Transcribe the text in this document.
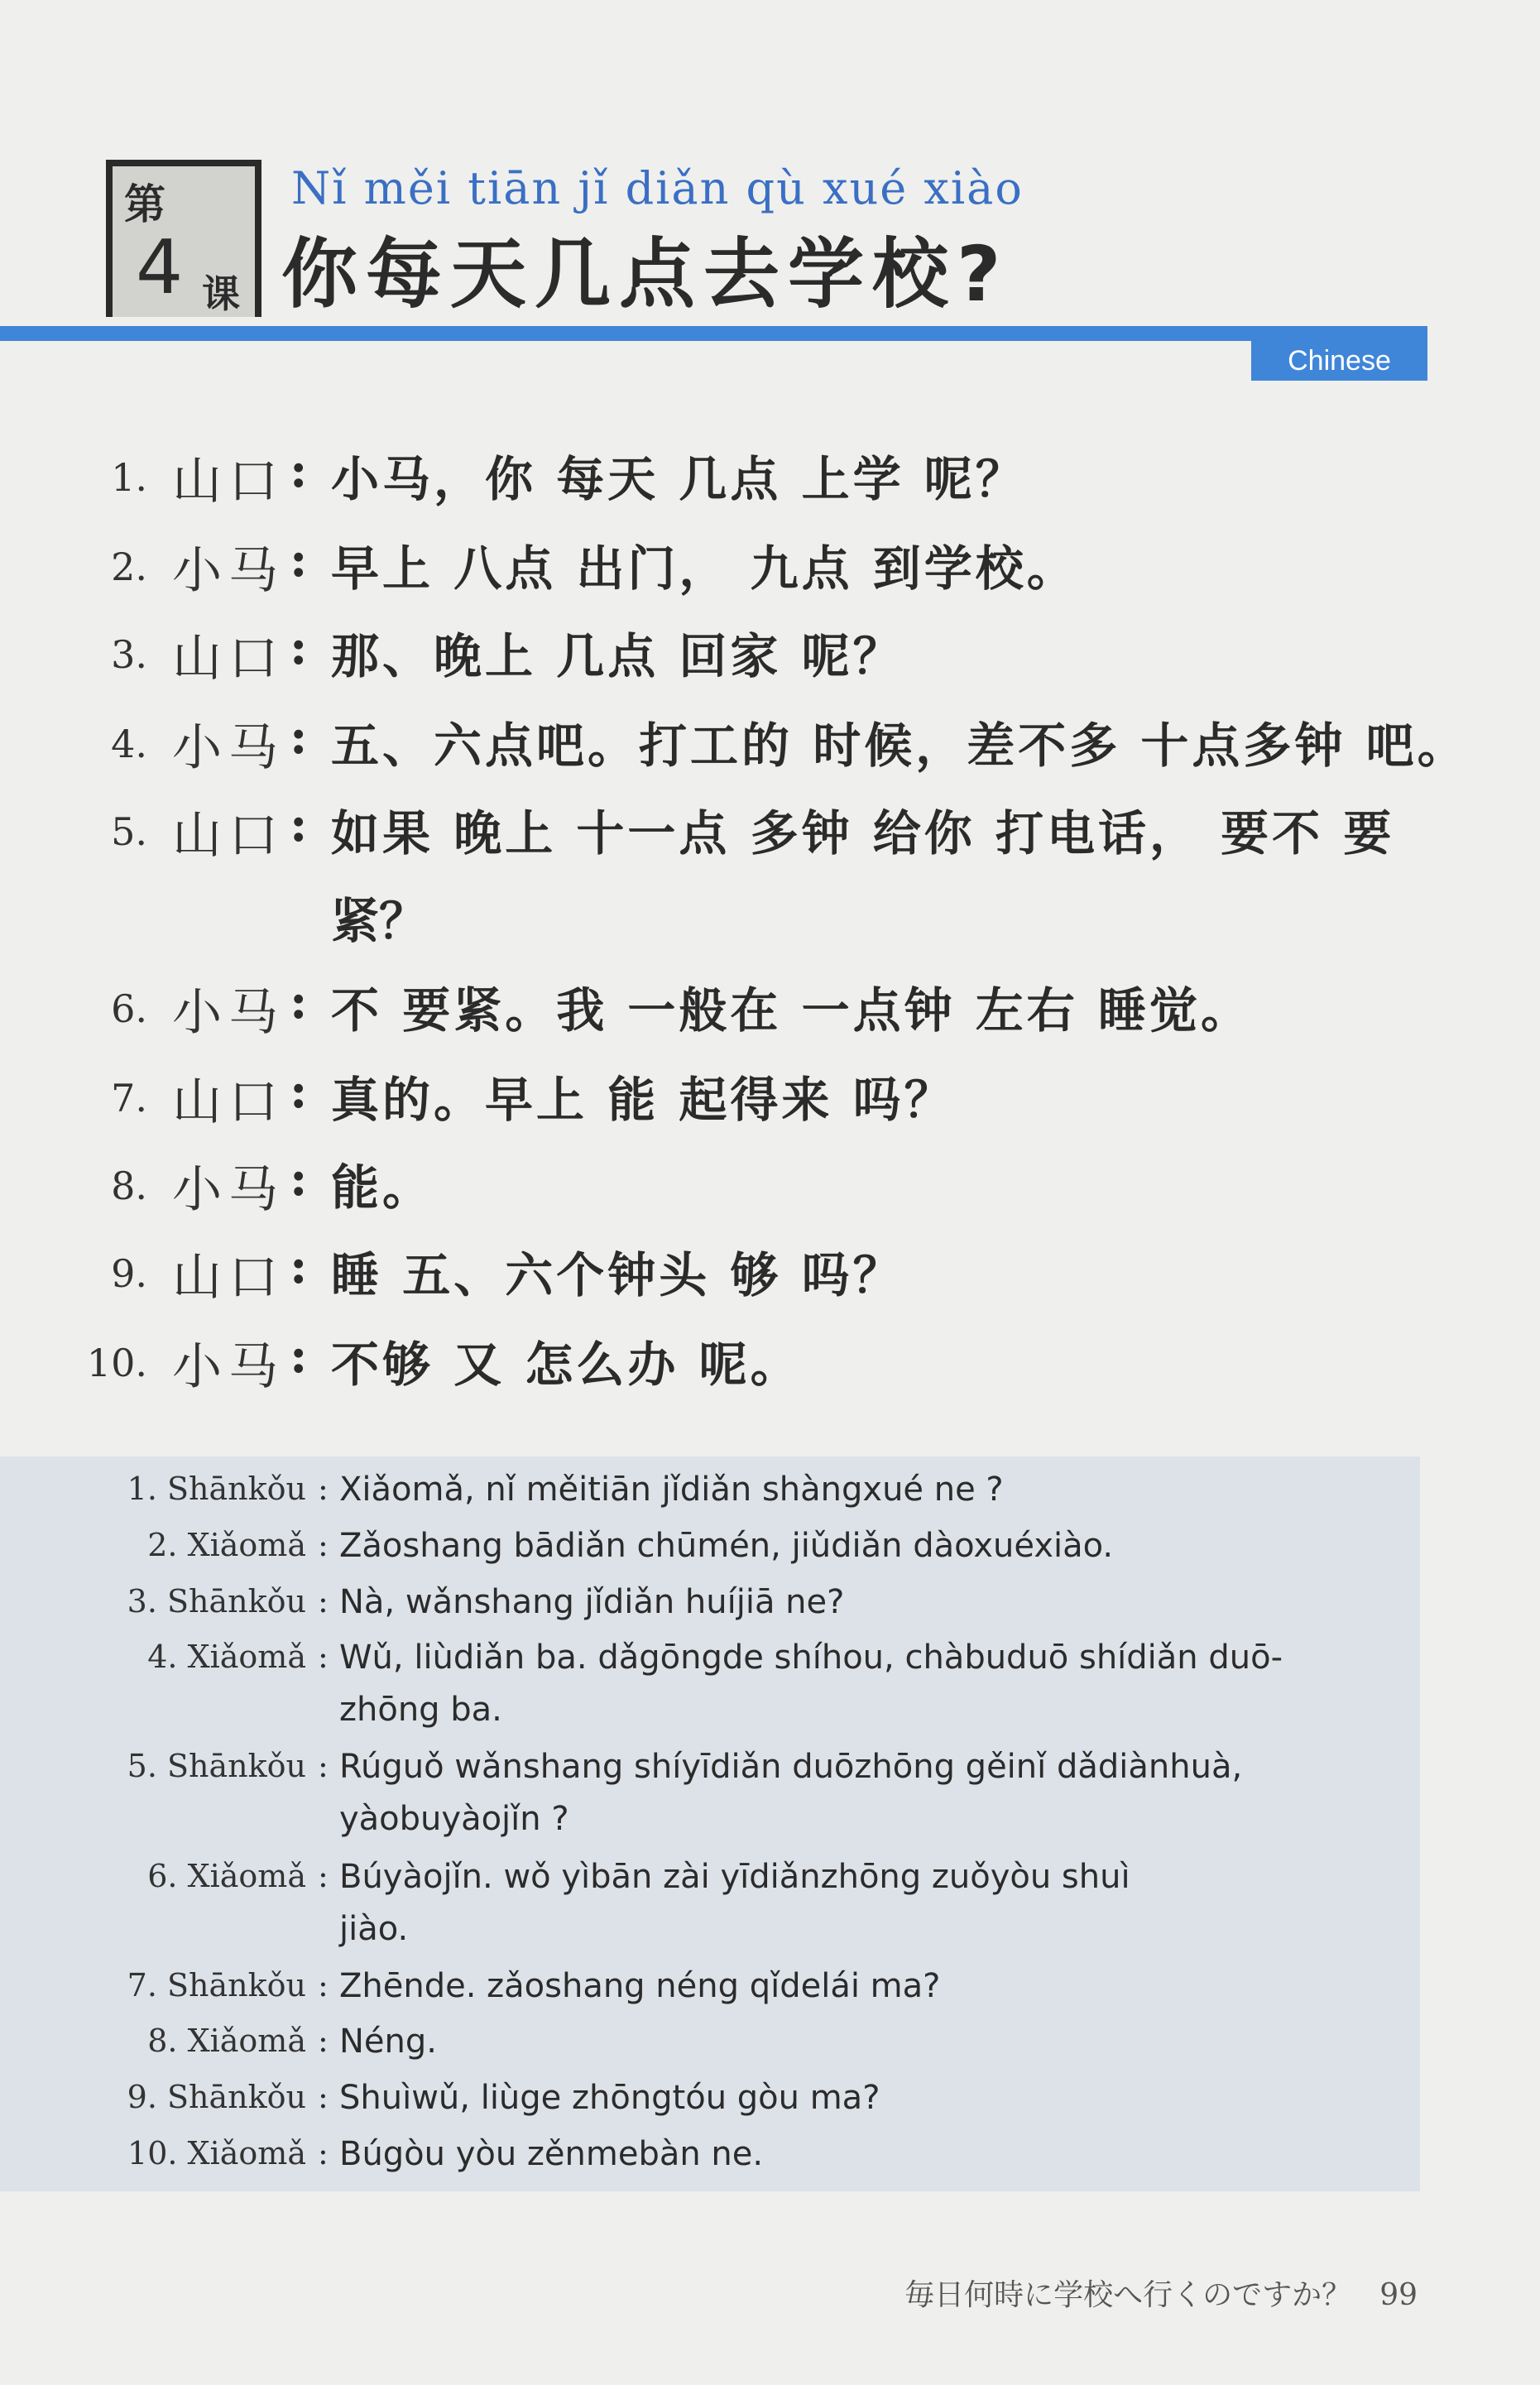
第
4 课
Nǐ měi tiān jǐ diǎn qù xué xiào
你每天几点去学校?
Chinese
1. 山口 : 小马，你 每天 几点 上学 呢？
2. 小马 : 早上 八点 出门， 九点 到学校。
3. 山口 : 那、晚上 几点 回家 呢？
4. 小马 : 五、六点吧。打工的 时候，差不多 十点多钟 吧。
5. 山口 : 如果 晚上 十一点 多钟 给你 打电话， 要不 要
紧？
6. 小马 : 不 要紧。我 一般在 一点钟 左右 睡觉。
7. 山口 : 真的。早上 能 起得来 吗？
8. 小马 : 能。
9. 山口 : 睡 五、六个钟头 够 吗？
10. 小马 : 不够 又 怎么办 呢。
1. Shānkǒu : Xiǎomǎ, nǐ měitiān jǐdiǎn shàngxué ne ?
2. Xiǎomǎ : Zǎoshang bādiǎn chūmén, jiǔdiǎn dàoxuéxiào.
3. Shānkǒu : Nà, wǎnshang jǐdiǎn huíjiā ne?
4. Xiǎomǎ : Wǔ, liùdiǎn ba. dǎgōngde shíhou, chàbuduō shídiǎn duō-
zhōng ba.
5. Shānkǒu : Rúguǒ wǎnshang shíyīdiǎn duōzhōng gěinǐ dǎdiànhuà,
yàobuyàojǐn ?
6. Xiǎomǎ : Búyàojǐn. wǒ yìbān zài yīdiǎnzhōng zuǒyòu shuì
jiào.
7. Shānkǒu : Zhēnde. zǎoshang néng qǐdelái ma?
8. Xiǎomǎ : Néng.
9. Shānkǒu : Shuìwǔ, liùge zhōngtóu gòu ma?
10. Xiǎomǎ : Búgòu yòu zěnmebàn ne.
毎日何時に学校へ行くのですか？ 99
